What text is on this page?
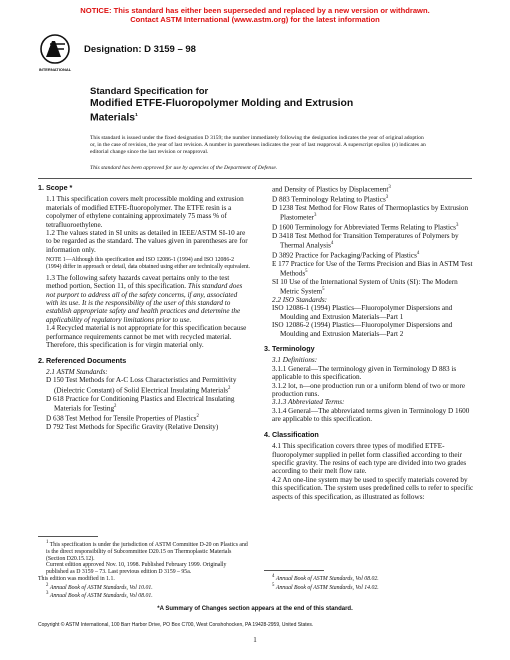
NOTICE: This standard has either been superseded and replaced by a new version or withdrawn.
Contact ASTM International (www.astm.org) for the latest information
INTERNATIONAL
Designation: D 3159 – 98
Standard Specification for
Modified ETFE-Fluoropolymer Molding and Extrusion
Materials$^1$
This standard is issued under the fixed designation D 3159; the number immediately following the designation indicates the year of original adoption or, in the case of revision, the year of last revision. A number in parentheses indicates the year of last reapproval. A superscript epsilon (ε) indicates an editorial change since the last revision or reapproval.
This standard has been approved for use by agencies of the Department of Defense.

1. Scope *

1.1 This specification covers melt processible molding and extrusion materials of modified ETFE-fluoropolymer. The ETFE resin is a copolymer of ethylene containing approximately 75 mass % of tetrafluoroethylene.

1.2 The values stated in SI units as detailed in IEEE/ASTM SI-10 are to be regarded as the standard. The values given in parentheses are for information only.

NOTE 1—Although this specification and ISO 12086-1 (1994) and ISO 12086-2 (1994) differ in approach or detail, data obtained using either are technically equivalent.

1.3 The following safety hazards caveat pertains only to the test method portion, Section 11, of this specification. This standard does not purport to address all of the safety concerns, if any, associated with its use. It is the responsibility of the user of this standard to establish appropriate safety and health practices and determine the applicability of regulatory limitations prior to use.

1.4 Recycled material is not appropriate for this specification because performance requirements cannot be met with recycled material. Therefore, this specification is for virgin material only.

2. Referenced Documents

2.1 ASTM Standards:

D 150 Test Methods for A-C Loss Characteristics and Permittivity (Dielectric Constant) of Solid Electrical Insulating Materials$^2$

D 618 Practice for Conditioning Plastics and Electrical Insulating Materials for Testing$^2$

D 638 Test Method for Tensile Properties of Plastics$^2$

D 792 Test Methods for Specific Gravity (Relative Density)

$^1$ This specification is under the jurisdiction of ASTM Committee D-20 on Plastics and is the direct responsibility of Subcommittee D20.15 on Thermoplastic Materials (Section D20.15.12).

Current edition approved Nov. 10, 1998. Published February 1999. Originally published as D 3159 – 73. Last previous edition D 3159 – 95a.

This edition was modified in 1.1.

$^2$ Annual Book of ASTM Standards, Vol 10.01.

$^3$ Annual Book of ASTM Standards, Vol 08.01.

and Density of Plastics by Displacement$^3$

D 883 Terminology Relating to Plastics$^3$

D 1238 Test Method for Flow Rates of Thermoplastics by Extrusion Plastometer$^3$

D 1600 Terminology for Abbreviated Terms Relating to Plastics$^3$

D 3418 Test Method for Transition Temperatures of Polymers by Thermal Analysis$^4$

D 3892 Practice for Packaging/Packing of Plastics$^4$

E 177 Practice for Use of the Terms Precision and Bias in ASTM Test Methods$^5$

SI 10 Use of the International System of Units (SI): The Modern Metric System$^5$

2.2 ISO Standards:

ISO 12086-1 (1994) Plastics—Fluoropolymer Dispersions and Moulding and Extrusion Materials—Part 1

ISO 12086-2 (1994) Plastics—Fluoropolymer Dispersions and Moulding and Extrusion Materials—Part 2

3. Terminology

3.1 Definitions:

3.1.1 General—The terminology given in Terminology D 883 is applicable to this specification.

3.1.2 lot, n—one production run or a uniform blend of two or more production runs.

3.1.3 Abbreviated Terms:

3.1.4 General—The abbreviated terms given in Terminology D 1600 are applicable to this specification.

4. Classification

4.1 This specification covers three types of modified ETFE-fluoropolymer supplied in pellet form classified according to their specific gravity. The resins of each type are divided into two grades according to their melt flow rate.

4.2 An one-line system may be used to specify materials covered by this specification. The system uses predefined cells to refer to specific aspects of this specification, as illustrated as follows:

$^4$ Annual Book of ASTM Standards, Vol 08.02.

$^5$ Annual Book of ASTM Standards, Vol 14.02.

*A Summary of Changes section appears at the end of this standard.
Copyright © ASTM International, 100 Barr Harbor Drive, PO Box C700, West Conshohocken, PA 19428-2959, United States.
1
